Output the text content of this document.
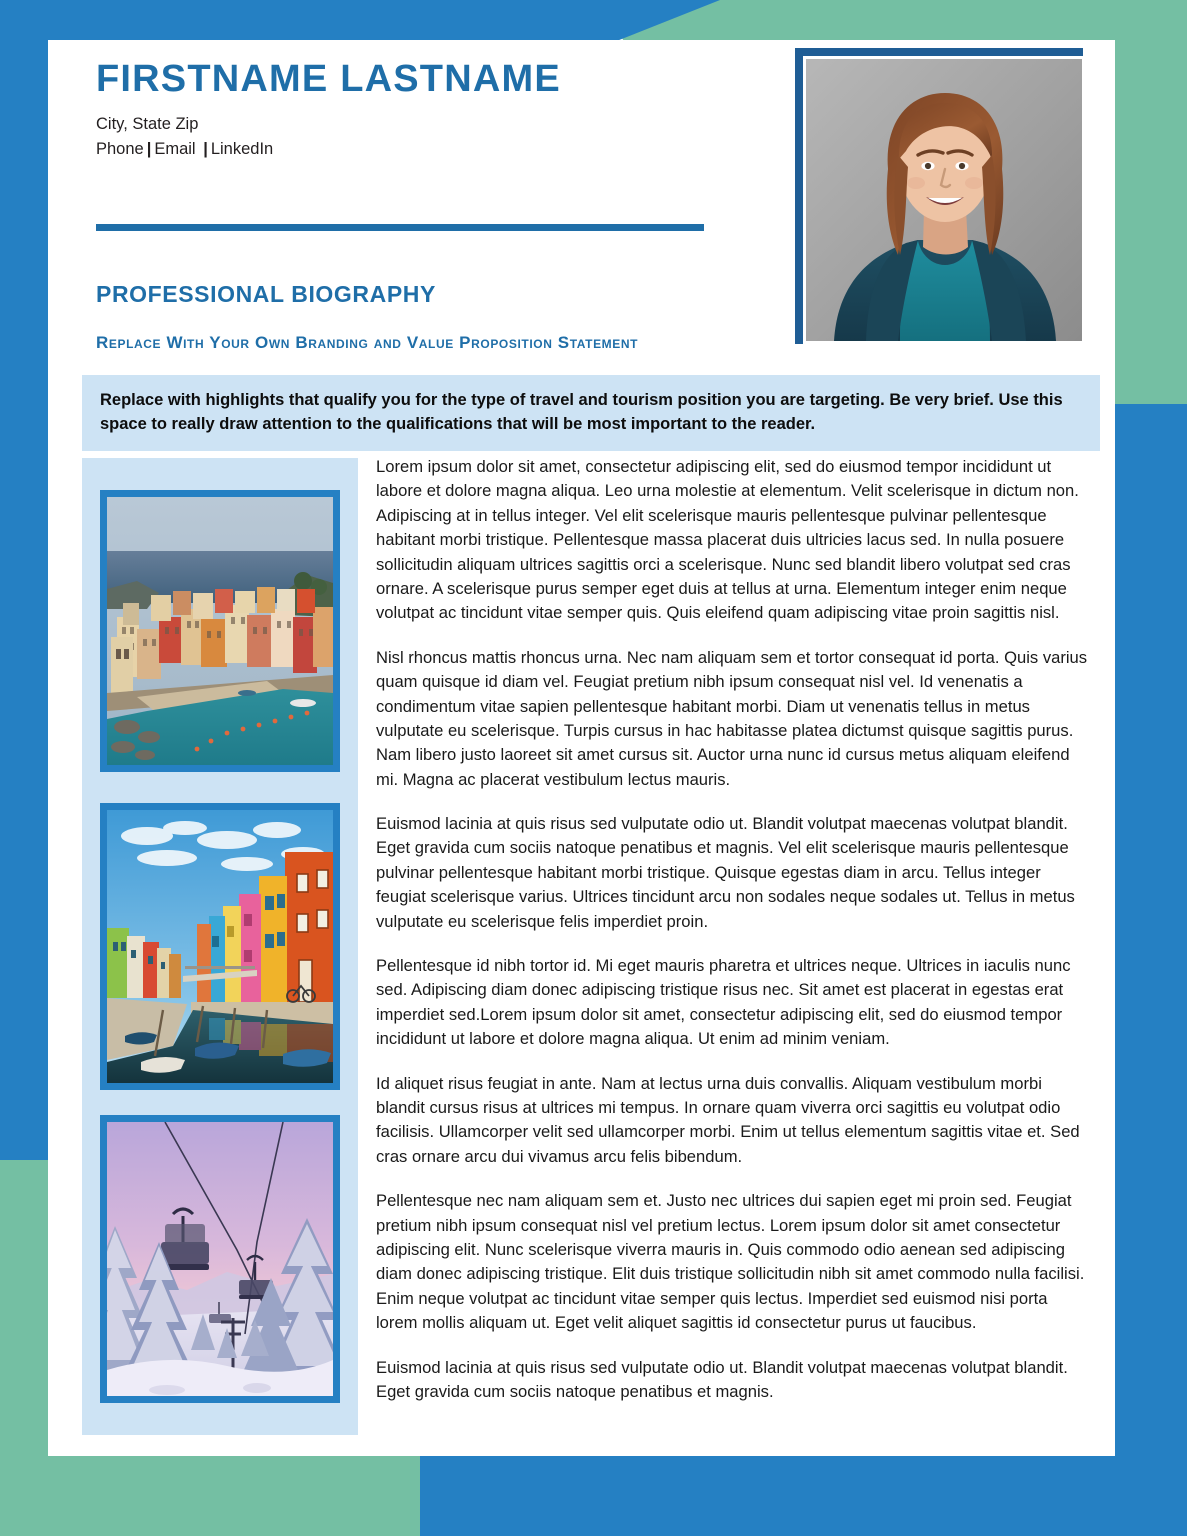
FIRSTNAME LASTNAME

City, State Zip

Phone | Email | LinkedIn

PROFESSIONAL BIOGRAPHY

Replace With Your Own Branding and Value Proposition Statement

Replace with highlights that qualify you for the type of travel and tourism position you are targeting. Be very brief. Use this space to really draw attention to the qualifications that will be most important to the reader.

Lorem ipsum dolor sit amet, consectetur adipiscing elit, sed do eiusmod tempor incididunt ut labore et dolore magna aliqua. Leo urna molestie at elementum. Velit scelerisque in dictum non. Adipiscing at in tellus integer. Vel elit scelerisque mauris pellentesque pulvinar pellentesque habitant morbi tristique. Pellentesque massa placerat duis ultricies lacus sed. In nulla posuere sollicitudin aliquam ultrices sagittis orci a scelerisque. Nunc sed blandit libero volutpat sed cras ornare. A scelerisque purus semper eget duis at tellus at urna. Elementum integer enim neque volutpat ac tincidunt vitae semper quis. Quis eleifend quam adipiscing vitae proin sagittis nisl.

Nisl rhoncus mattis rhoncus urna. Nec nam aliquam sem et tortor consequat id porta. Quis varius quam quisque id diam vel. Feugiat pretium nibh ipsum consequat nisl vel. Id venenatis a condimentum vitae sapien pellentesque habitant morbi. Diam ut venenatis tellus in metus vulputate eu scelerisque. Turpis cursus in hac habitasse platea dictumst quisque sagittis purus. Nam libero justo laoreet sit amet cursus sit. Auctor urna nunc id cursus metus aliquam eleifend mi. Magna ac placerat vestibulum lectus mauris.

Euismod lacinia at quis risus sed vulputate odio ut. Blandit volutpat maecenas volutpat blandit. Eget gravida cum sociis natoque penatibus et magnis. Vel elit scelerisque mauris pellentesque pulvinar pellentesque habitant morbi tristique. Quisque egestas diam in arcu. Tellus integer feugiat scelerisque varius. Ultrices tincidunt arcu non sodales neque sodales ut. Tellus in metus vulputate eu scelerisque felis imperdiet proin.

Pellentesque id nibh tortor id. Mi eget mauris pharetra et ultrices neque. Ultrices in iaculis nunc sed. Adipiscing diam donec adipiscing tristique risus nec. Sit amet est placerat in egestas erat imperdiet sed.Lorem ipsum dolor sit amet, consectetur adipiscing elit, sed do eiusmod tempor incididunt ut labore et dolore magna aliqua. Ut enim ad minim veniam.

Id aliquet risus feugiat in ante. Nam at lectus urna duis convallis. Aliquam vestibulum morbi blandit cursus risus at ultrices mi tempus. In ornare quam viverra orci sagittis eu volutpat odio facilisis. Ullamcorper velit sed ullamcorper morbi. Enim ut tellus elementum sagittis vitae et. Sed cras ornare arcu dui vivamus arcu felis bibendum.

Pellentesque nec nam aliquam sem et. Justo nec ultrices dui sapien eget mi proin sed. Feugiat pretium nibh ipsum consequat nisl vel pretium lectus. Lorem ipsum dolor sit amet consectetur adipiscing elit. Nunc scelerisque viverra mauris in. Quis commodo odio aenean sed adipiscing diam donec adipiscing tristique. Elit duis tristique sollicitudin nibh sit amet commodo nulla facilisi. Enim neque volutpat ac tincidunt vitae semper quis lectus. Imperdiet sed euismod nisi porta lorem mollis aliquam ut. Eget velit aliquet sagittis id consectetur purus ut faucibus.

Euismod lacinia at quis risus sed vulputate odio ut. Blandit volutpat maecenas volutpat blandit. Eget gravida cum sociis natoque penatibus et magnis.
